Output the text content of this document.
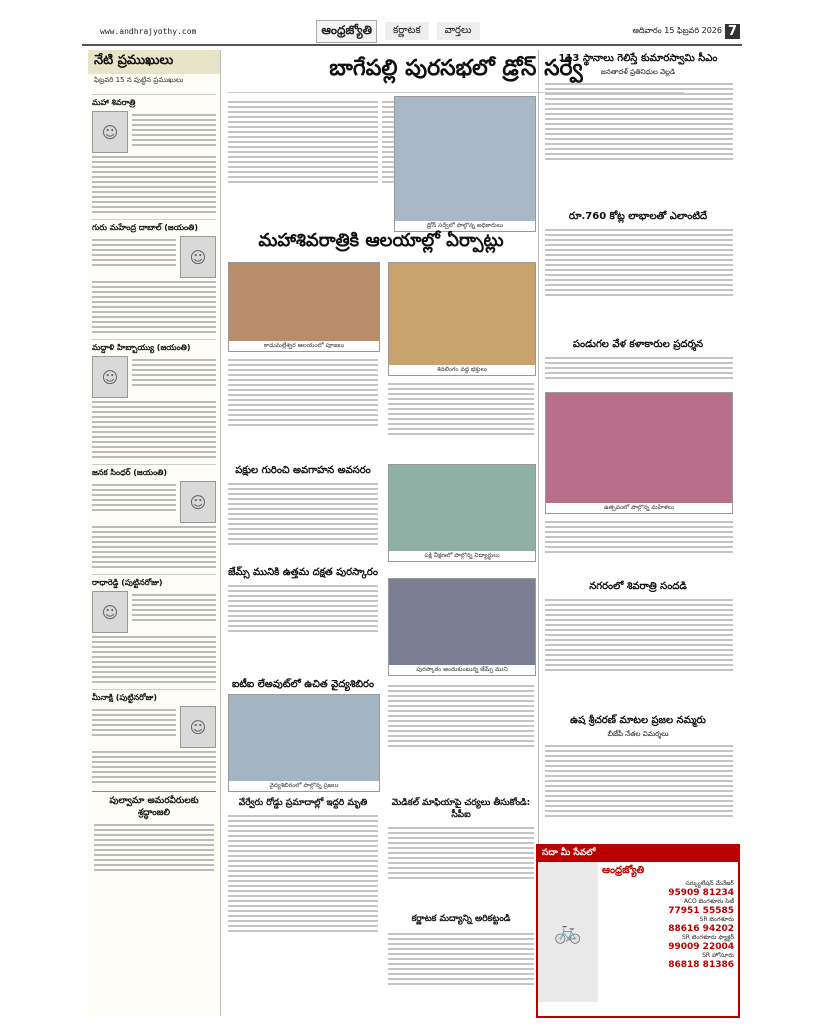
www.andhrajyothy.com	ఆంధ్రజ్యోతి	కర్ణాటక	వార్తలు	ఆదివారం 15 ఫిబ్రవరి 2026 7
నేటి ప్రముఖులు
ఫిబ్రవరి 15 న పుట్టిన ప్రముఖులు
మహా శివరాత్రి
☺
గురు మహేంద్ర దాబాల్‌ (జయంతి)
☺
మద్దాళి హిబ్బాయ్యు (జయంతి)
☺
జనక సింధర్ (జయంతి)
☺
రాధారెడ్డి (పుట్టినరోజు)
☺
మీనాక్షి (పుట్టినరోజు)
☺
పుల్వామా అమరవీరులకు శ్రద్ధాంజలి
బాగేపల్లి పురసభలో డ్రోన్ సర్వే
డ్రోన్ సర్వేలో పాల్గొన్న అధికారులు
మహాశివరాత్రికి ఆలయాల్లో ఏర్పాట్లు
కాడుమల్లేశ్వర ఆలయంలో పూజలు
శివలింగం వద్ద భక్తులు
పక్షుల గురించి అవగాహన అవసరం
పక్షి వీక్షణలో పాల్గొన్న విద్యార్థులు
జేమ్స్ మునికి ఉత్తమ దక్షత పురస్కారం
పురస్కారం అందుకుంటున్న జేమ్స్ ముని
ఐటీఐ లేఅవుట్‌లో ఉచిత వైద్యశిబిరం
వైద్యశిబిరంలో పాల్గొన్న ప్రజలు
వేర్వేరు రోడ్డు ప్రమాదాల్లో ఇద్దరి మృతి	మెడికల్ మాఫియాపై చర్యలు తీసుకోండి: సీపీఐ
కర్ణాటక మద్యాన్ని అరికట్టండి
113 స్థానాలు గెలిస్తే కుమారస్వామి సీఎం
జనతాదళ్ ప్రతినిధుల వెల్లడి
రూ.760 కోట్ల లాభాలతో ఎలాంటిదే
పండుగల వేళ కళాకారుల ప్రదర్శన
ఉత్సవంలో పాల్గొన్న మహిళలు
నగరంలో శివరాత్రి సందడి
ఉష శ్రీచరణ్ మాటల ప్రజల నమ్మరు
బీజేపీ నేతల విమర్శలు
సదా మీ సేవలో
🚲
ఆంధ్రజ్యోతి
సర్క్యులేషన్ మేనేజర్
95909 81234
ACO బెంగళూరు సిటీ
77951 55585
SR బెంగళూరు
88616 94202
SR బెంగళూరు ఫ్యాక్టర్
99009 22004
SR హోసూరు
86818 81386
